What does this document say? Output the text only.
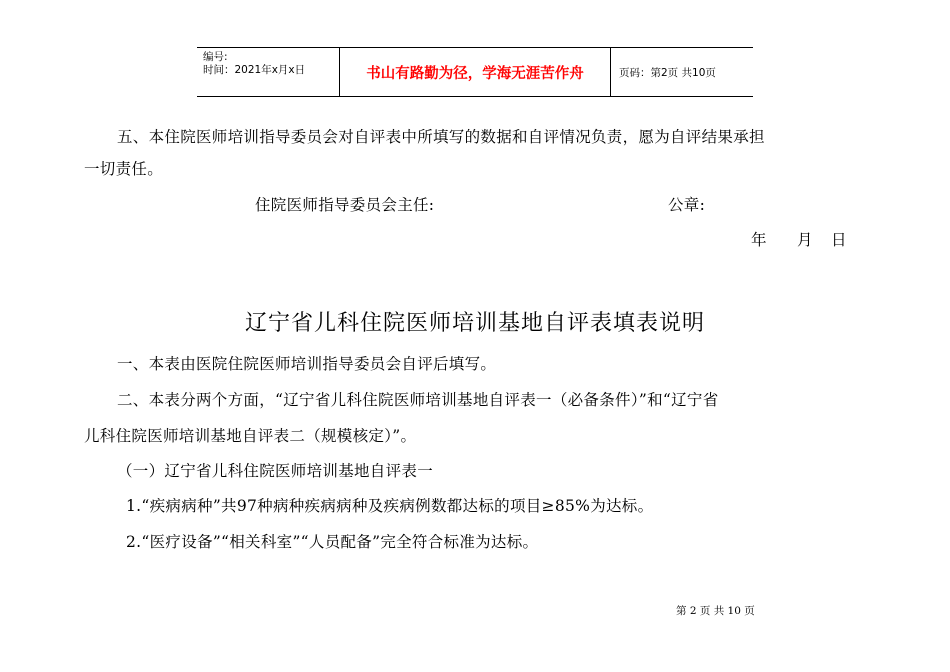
编号:
时间：2021年x月x日	书山有路勤为径，学海无涯苦作舟	页码：第2页 共10页
五、本住院医师培训指导委员会对自评表中所填写的数据和自评情况负责，愿为自评结果承担
一切责任。
住院医师指导委员会主任:	公章:
年 月 日
辽宁省儿科住院医师培训基地自评表填表说明
一、本表由医院住院医师培训指导委员会自评后填写。
二、本表分两个方面，“辽宁省儿科住院医师培训基地自评表一（必备条件）”和“辽宁省
儿科住院医师培训基地自评表二（规模核定）”。
（一）辽宁省儿科住院医师培训基地自评表一
1.“疾病病种”共97种病种疾病病种及疾病例数都达标的项目≥85%为达标。
2.“医疗设备”“相关科室”“人员配备”完全符合标准为达标。
第 2 页 共 10 页
